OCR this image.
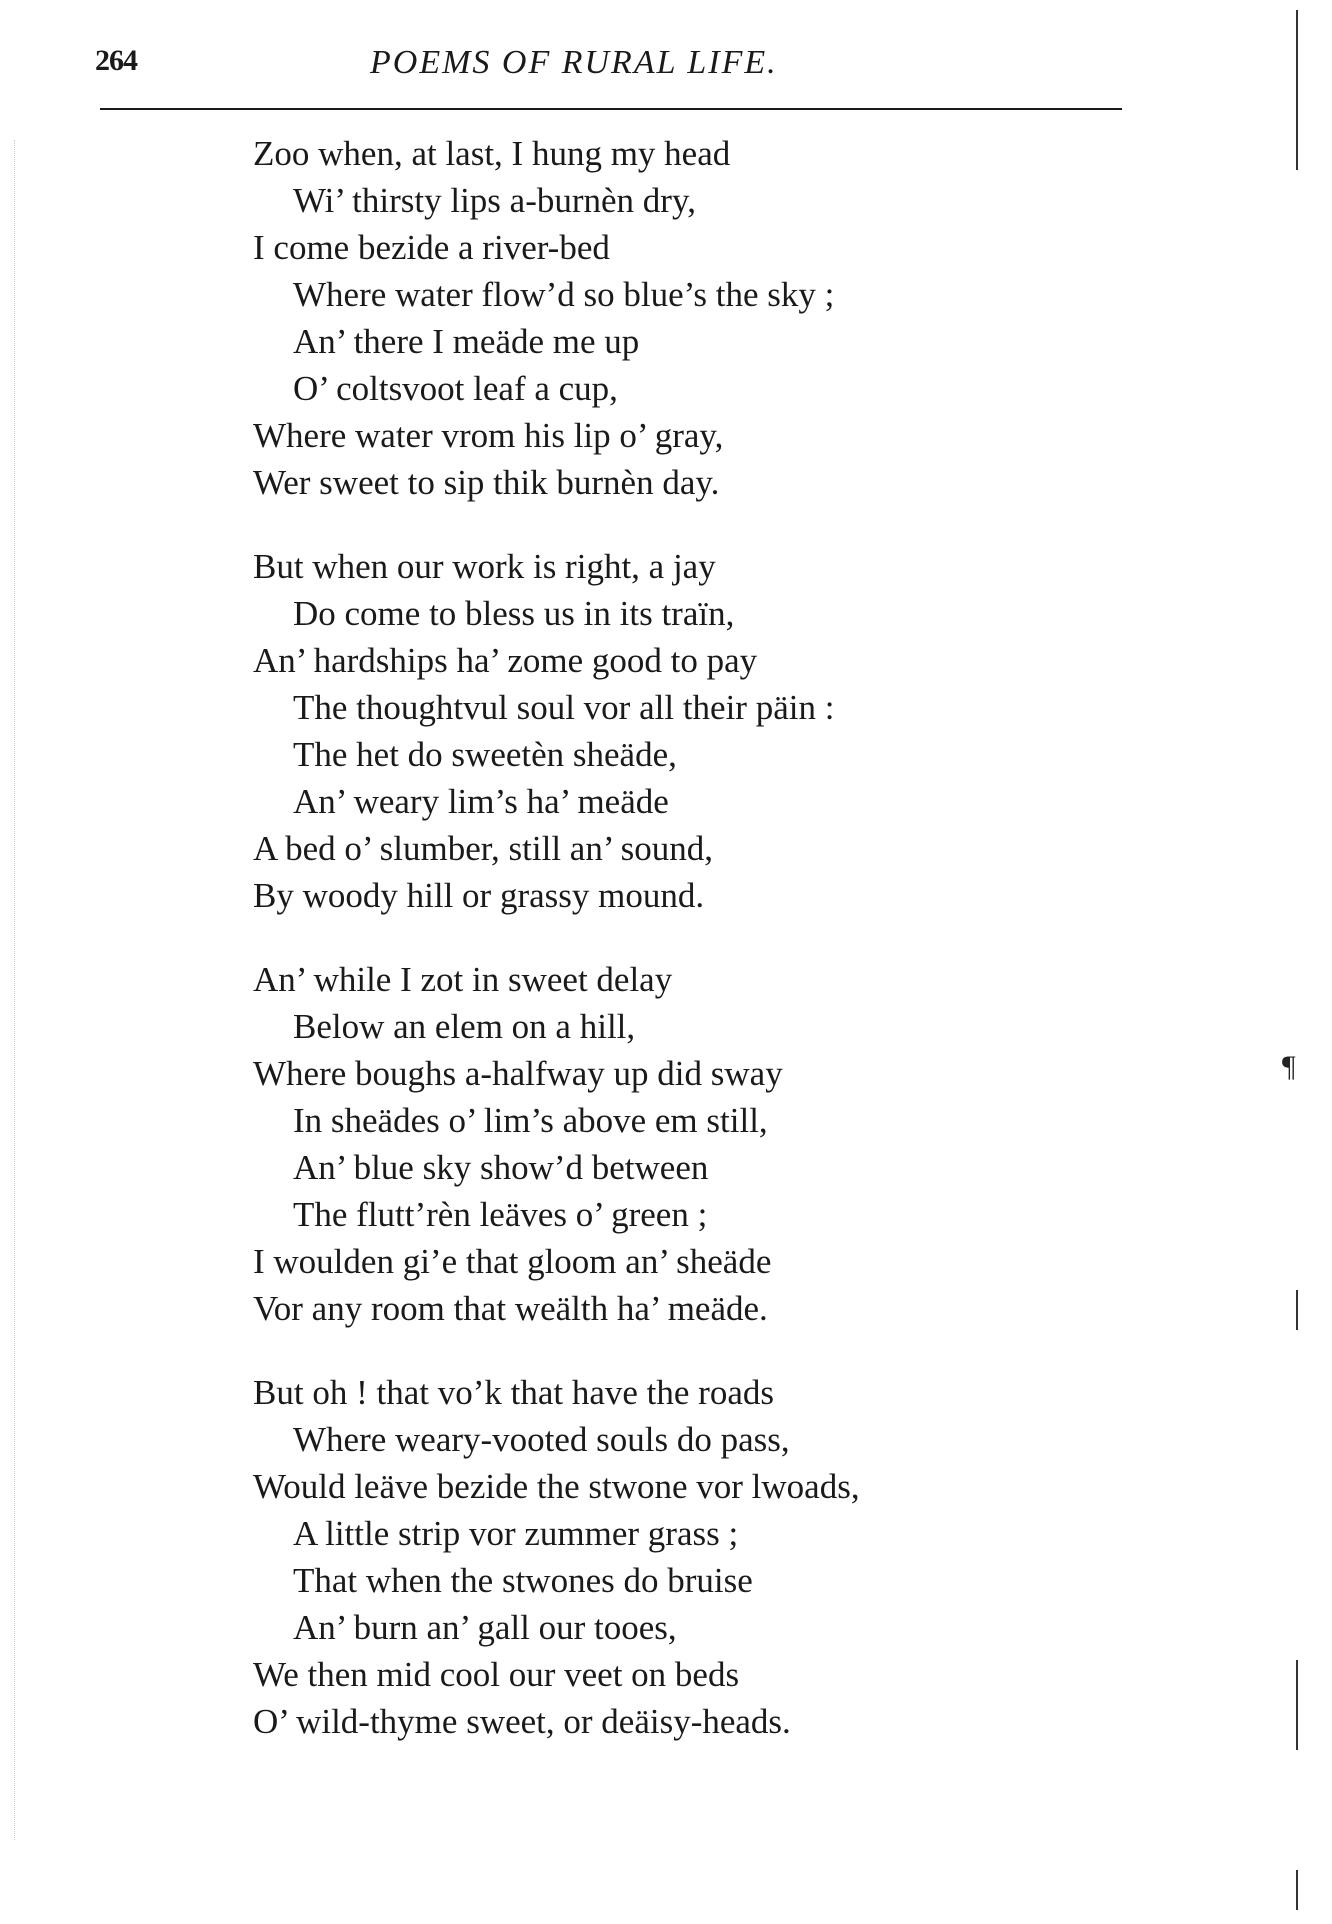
264	POEMS OF RURAL LIFE.
¶
Zoo when, at last, I hung my head
Wi’ thirsty lips a-burnèn dry,
I come bezide a river-bed
Where water flow’d so blue’s the sky ;
An’ there I meäde me up
O’ coltsvoot leaf a cup,
Where water vrom his lip o’ gray,
Wer sweet to sip thik burnèn day.
But when our work is right, a jay
Do come to bless us in its traïn,
An’ hardships ha’ zome good to pay
The thoughtvul soul vor all their päin :
The het do sweetèn sheäde,
An’ weary lim’s ha’ meäde
A bed o’ slumber, still an’ sound,
By woody hill or grassy mound.
An’ while I zot in sweet delay
Below an elem on a hill,
Where boughs a-halfway up did sway
In sheädes o’ lim’s above em still,
An’ blue sky show’d between
The flutt’rèn leäves o’ green ;
I woulden gi’e that gloom an’ sheäde
Vor any room that weälth ha’ meäde.
But oh ! that vo’k that have the roads
Where weary-vooted souls do pass,
Would leäve bezide the stwone vor lwoads,
A little strip vor zummer grass ;
That when the stwones do bruise
An’ burn an’ gall our tooes,
We then mid cool our veet on beds
O’ wild-thyme sweet, or deäisy-heads.
